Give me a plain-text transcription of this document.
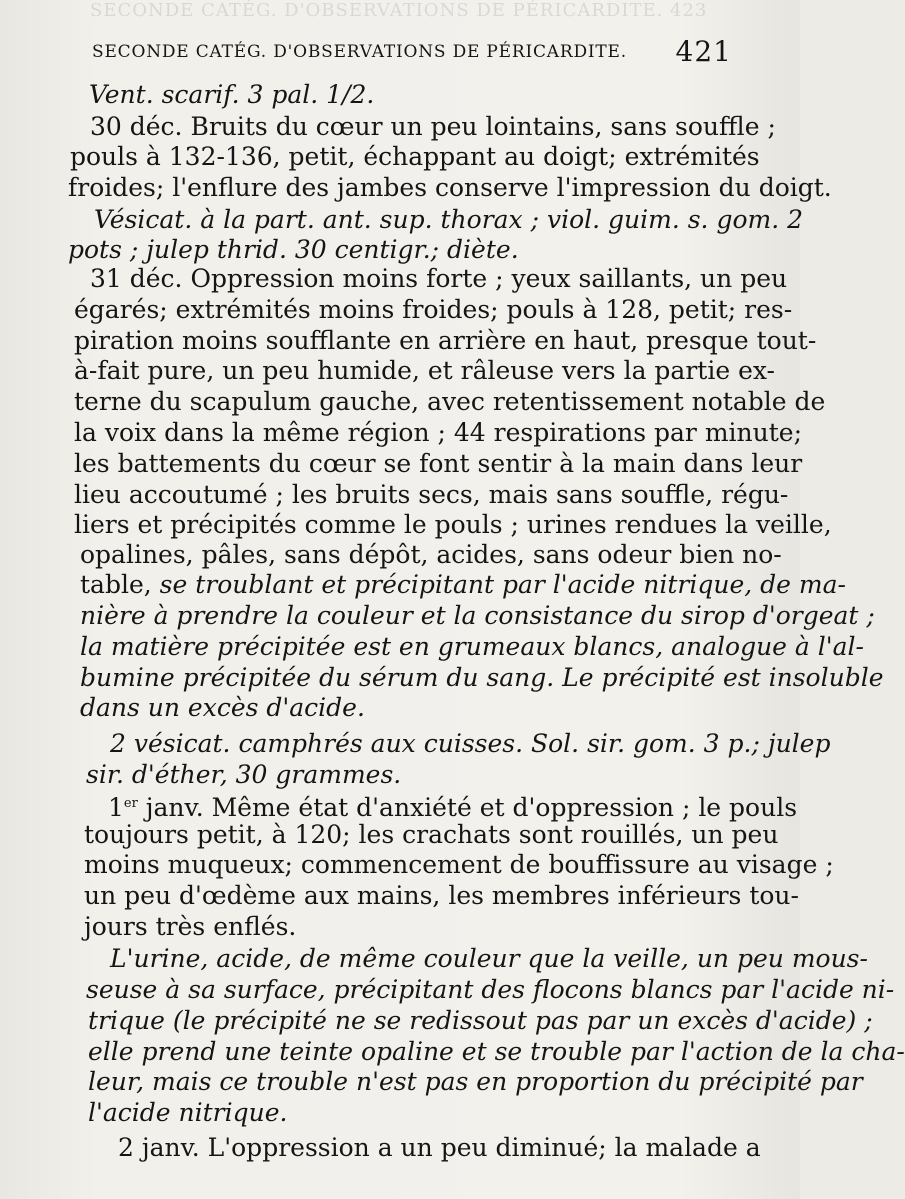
SECONDE CATÉG. D'OBSERVATIONS DE PÉRICARDITE. 423
SECONDE CATÉG. D'OBSERVATIONS DE PÉRICARDITE. 421
Vent. scarif. 3 pal. 1/2.
30 déc. Bruits du cœur un peu lointains, sans souffle ;
pouls à 132-136, petit, échappant au doigt; extrémités
froides; l'enflure des jambes conserve l'impression du doigt.
Vésicat. à la part. ant. sup. thorax ; viol. guim. s. gom. 2
pots ; julep thrid. 30 centigr.; diète.
31 déc. Oppression moins forte ; yeux saillants, un peu
égarés; extrémités moins froides; pouls à 128, petit; res-
piration moins soufflante en arrière en haut, presque tout-
à-fait pure, un peu humide, et râleuse vers la partie ex-
terne du scapulum gauche, avec retentissement notable de
la voix dans la même région ; 44 respirations par minute;
les battements du cœur se font sentir à la main dans leur
lieu accoutumé ; les bruits secs, mais sans souffle, régu-
liers et précipités comme le pouls ; urines rendues la veille,
opalines, pâles, sans dépôt, acides, sans odeur bien no-
table, se troublant et précipitant par l'acide nitrique, de ma-
nière à prendre la couleur et la consistance du sirop d'orgeat ;
la matière précipitée est en grumeaux blancs, analogue à l'al-
bumine précipitée du sérum du sang. Le précipité est insoluble
dans un excès d'acide.
2 vésicat. camphrés aux cuisses. Sol. sir. gom. 3 p.; julep
sir. d'éther, 30 grammes.
1er janv. Même état d'anxiété et d'oppression ; le pouls
toujours petit, à 120; les crachats sont rouillés, un peu
moins muqueux; commencement de bouffissure au visage ;
un peu d'œdème aux mains, les membres inférieurs tou-
jours très enflés.
L'urine, acide, de même couleur que la veille, un peu mous-
seuse à sa surface, précipitant des flocons blancs par l'acide ni-
trique (le précipité ne se redissout pas par un excès d'acide) ;
elle prend une teinte opaline et se trouble par l'action de la cha-
leur, mais ce trouble n'est pas en proportion du précipité par
l'acide nitrique.
2 janv. L'oppression a un peu diminué; la malade a
